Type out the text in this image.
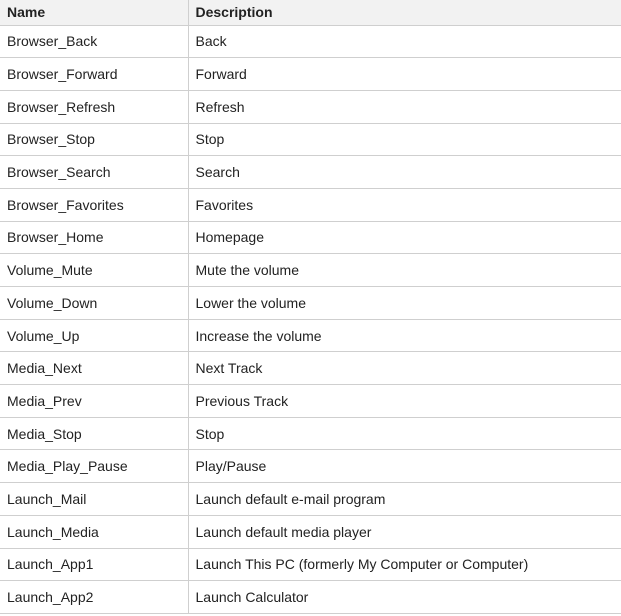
Name	Description
Browser_Back	Back
Browser_Forward	Forward
Browser_Refresh	Refresh
Browser_Stop	Stop
Browser_Search	Search
Browser_Favorites	Favorites
Browser_Home	Homepage
Volume_Mute	Mute the volume
Volume_Down	Lower the volume
Volume_Up	Increase the volume
Media_Next	Next Track
Media_Prev	Previous Track
Media_Stop	Stop
Media_Play_Pause	Play/Pause
Launch_Mail	Launch default e-mail program
Launch_Media	Launch default media player
Launch_App1	Launch This PC (formerly My Computer or Computer)
Launch_App2	Launch Calculator
